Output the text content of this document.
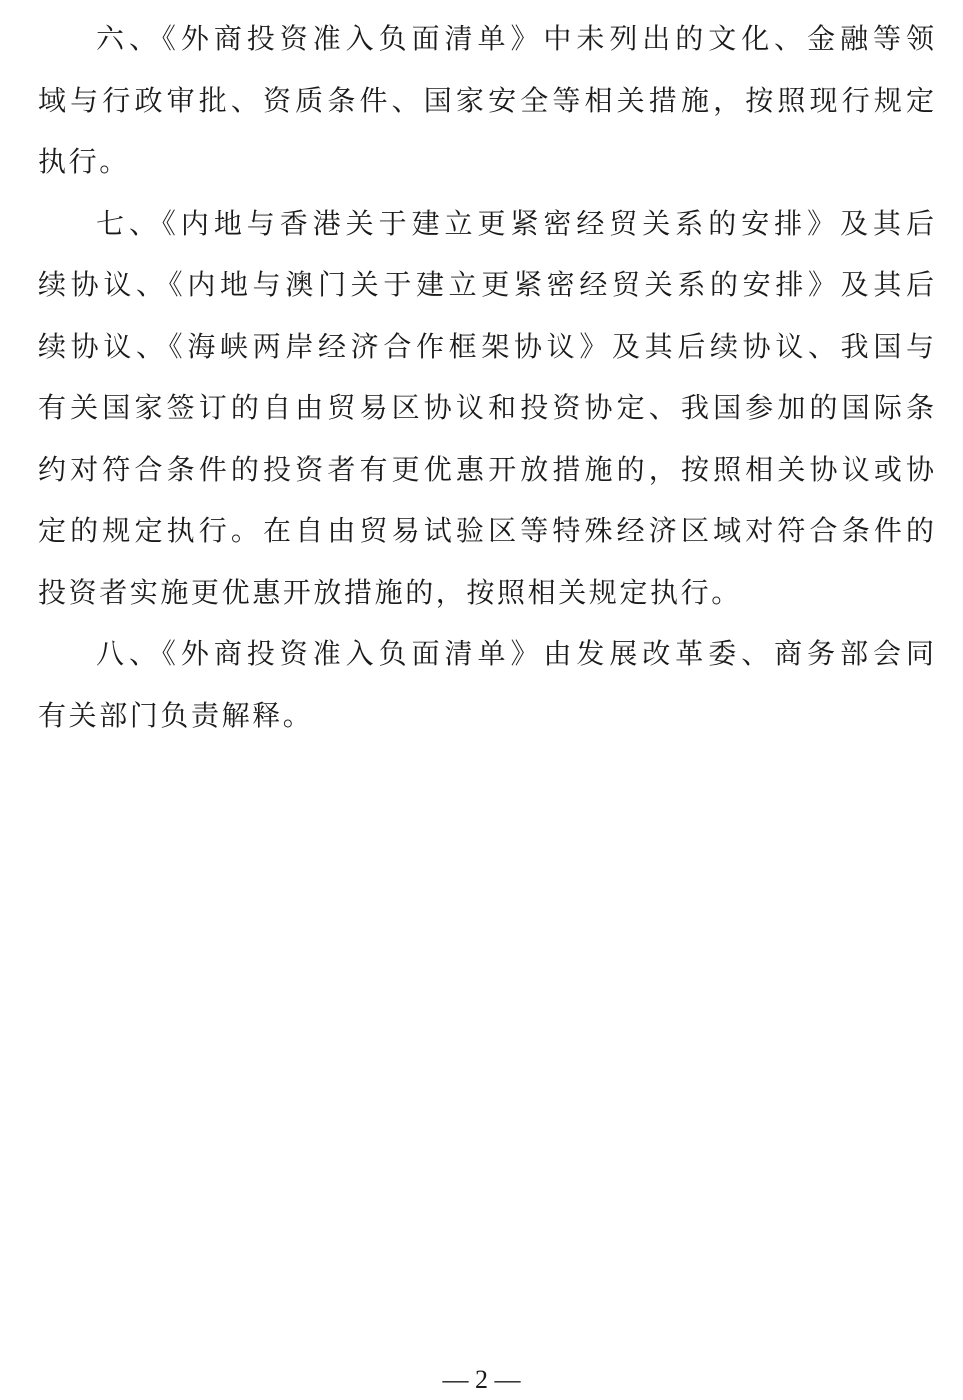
六、《外商投资准入负面清单》中未列出的文化、金融等领
域与行政审批、资质条件、国家安全等相关措施，按照现行规定
执行。
七、《内地与香港关于建立更紧密经贸关系的安排》及其后
续协议、《内地与澳门关于建立更紧密经贸关系的安排》及其后
续协议、《海峡两岸经济合作框架协议》及其后续协议、我国与
有关国家签订的自由贸易区协议和投资协定、我国参加的国际条
约对符合条件的投资者有更优惠开放措施的，按照相关协议或协
定的规定执行。在自由贸易试验区等特殊经济区域对符合条件的
投资者实施更优惠开放措施的，按照相关规定执行。
八、《外商投资准入负面清单》由发展改革委、商务部会同
有关部门负责解释。
— 2 —
